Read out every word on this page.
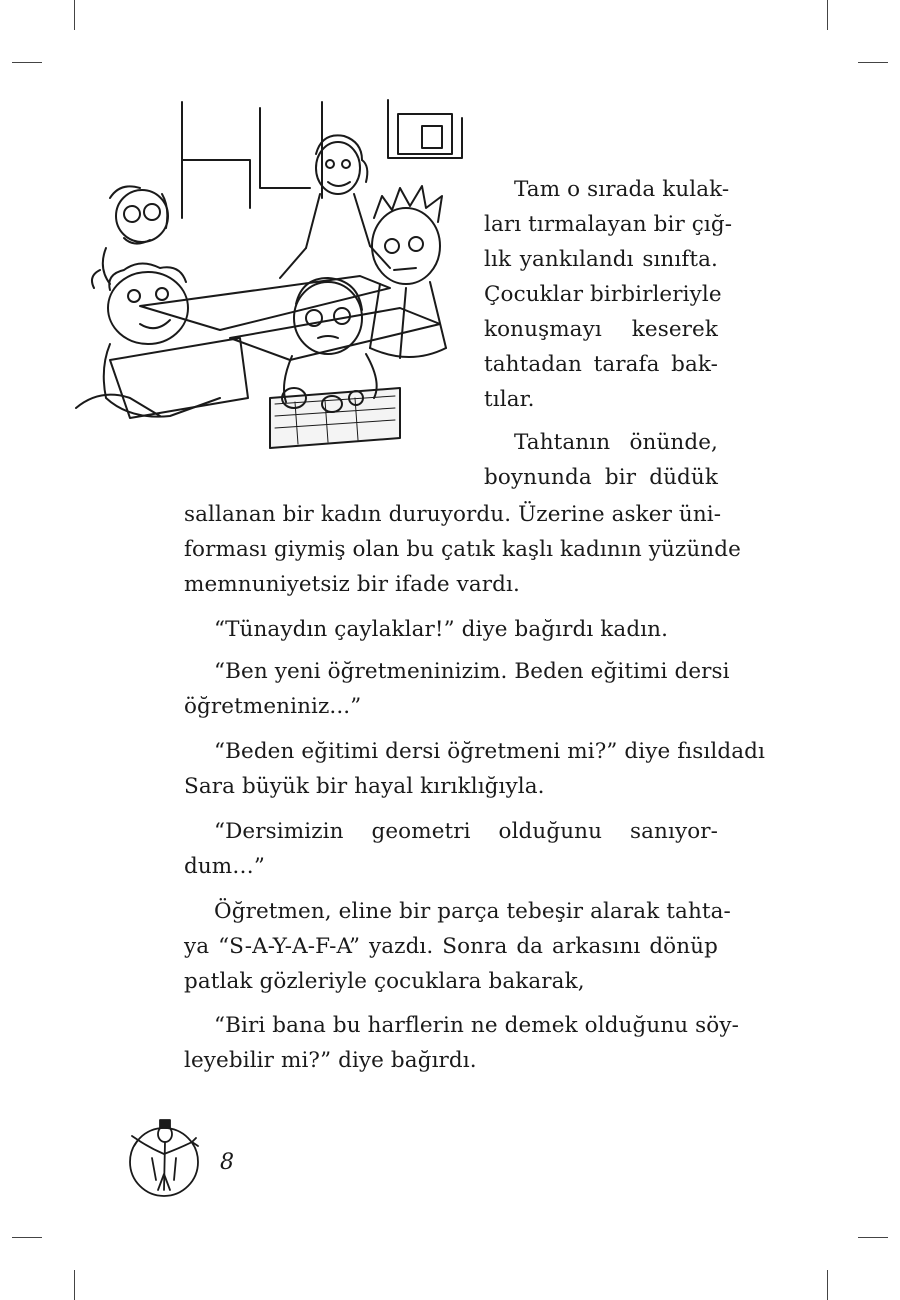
Tam o sırada kulak-
ları tırmalayan bir çığ-
lık yankılandı sınıfta.
Çocuklar birbirleriyle
konuşmayı keserek
tahtadan tarafa bak-
tılar.
Tahtanın önünde,
boynunda bir düdük
sallanan bir kadın duruyordu. Üzerine asker üni-
forması giymiş olan bu çatık kaşlı kadının yüzünde
memnuniyetsiz bir ifade vardı.
“Tünaydın çaylaklar!” diye bağırdı kadın.
“Ben yeni öğretmeninizim. Beden eğitimi dersi
öğretmeniniz...”
“Beden eğitimi dersi öğretmeni mi?” diye fısıldadı
Sara büyük bir hayal kırıklığıyla.
“Dersimizin geometri olduğunu sanıyor-
dum…”
Öğretmen, eline bir parça tebeşir alarak tahta-
ya “S-A-Y-A-F-A” yazdı. Sonra da arkasını dönüp
patlak gözleriyle çocuklara bakarak,
“Biri bana bu harflerin ne demek olduğunu söy-
leyebilir mi?” diye bağırdı.
8
